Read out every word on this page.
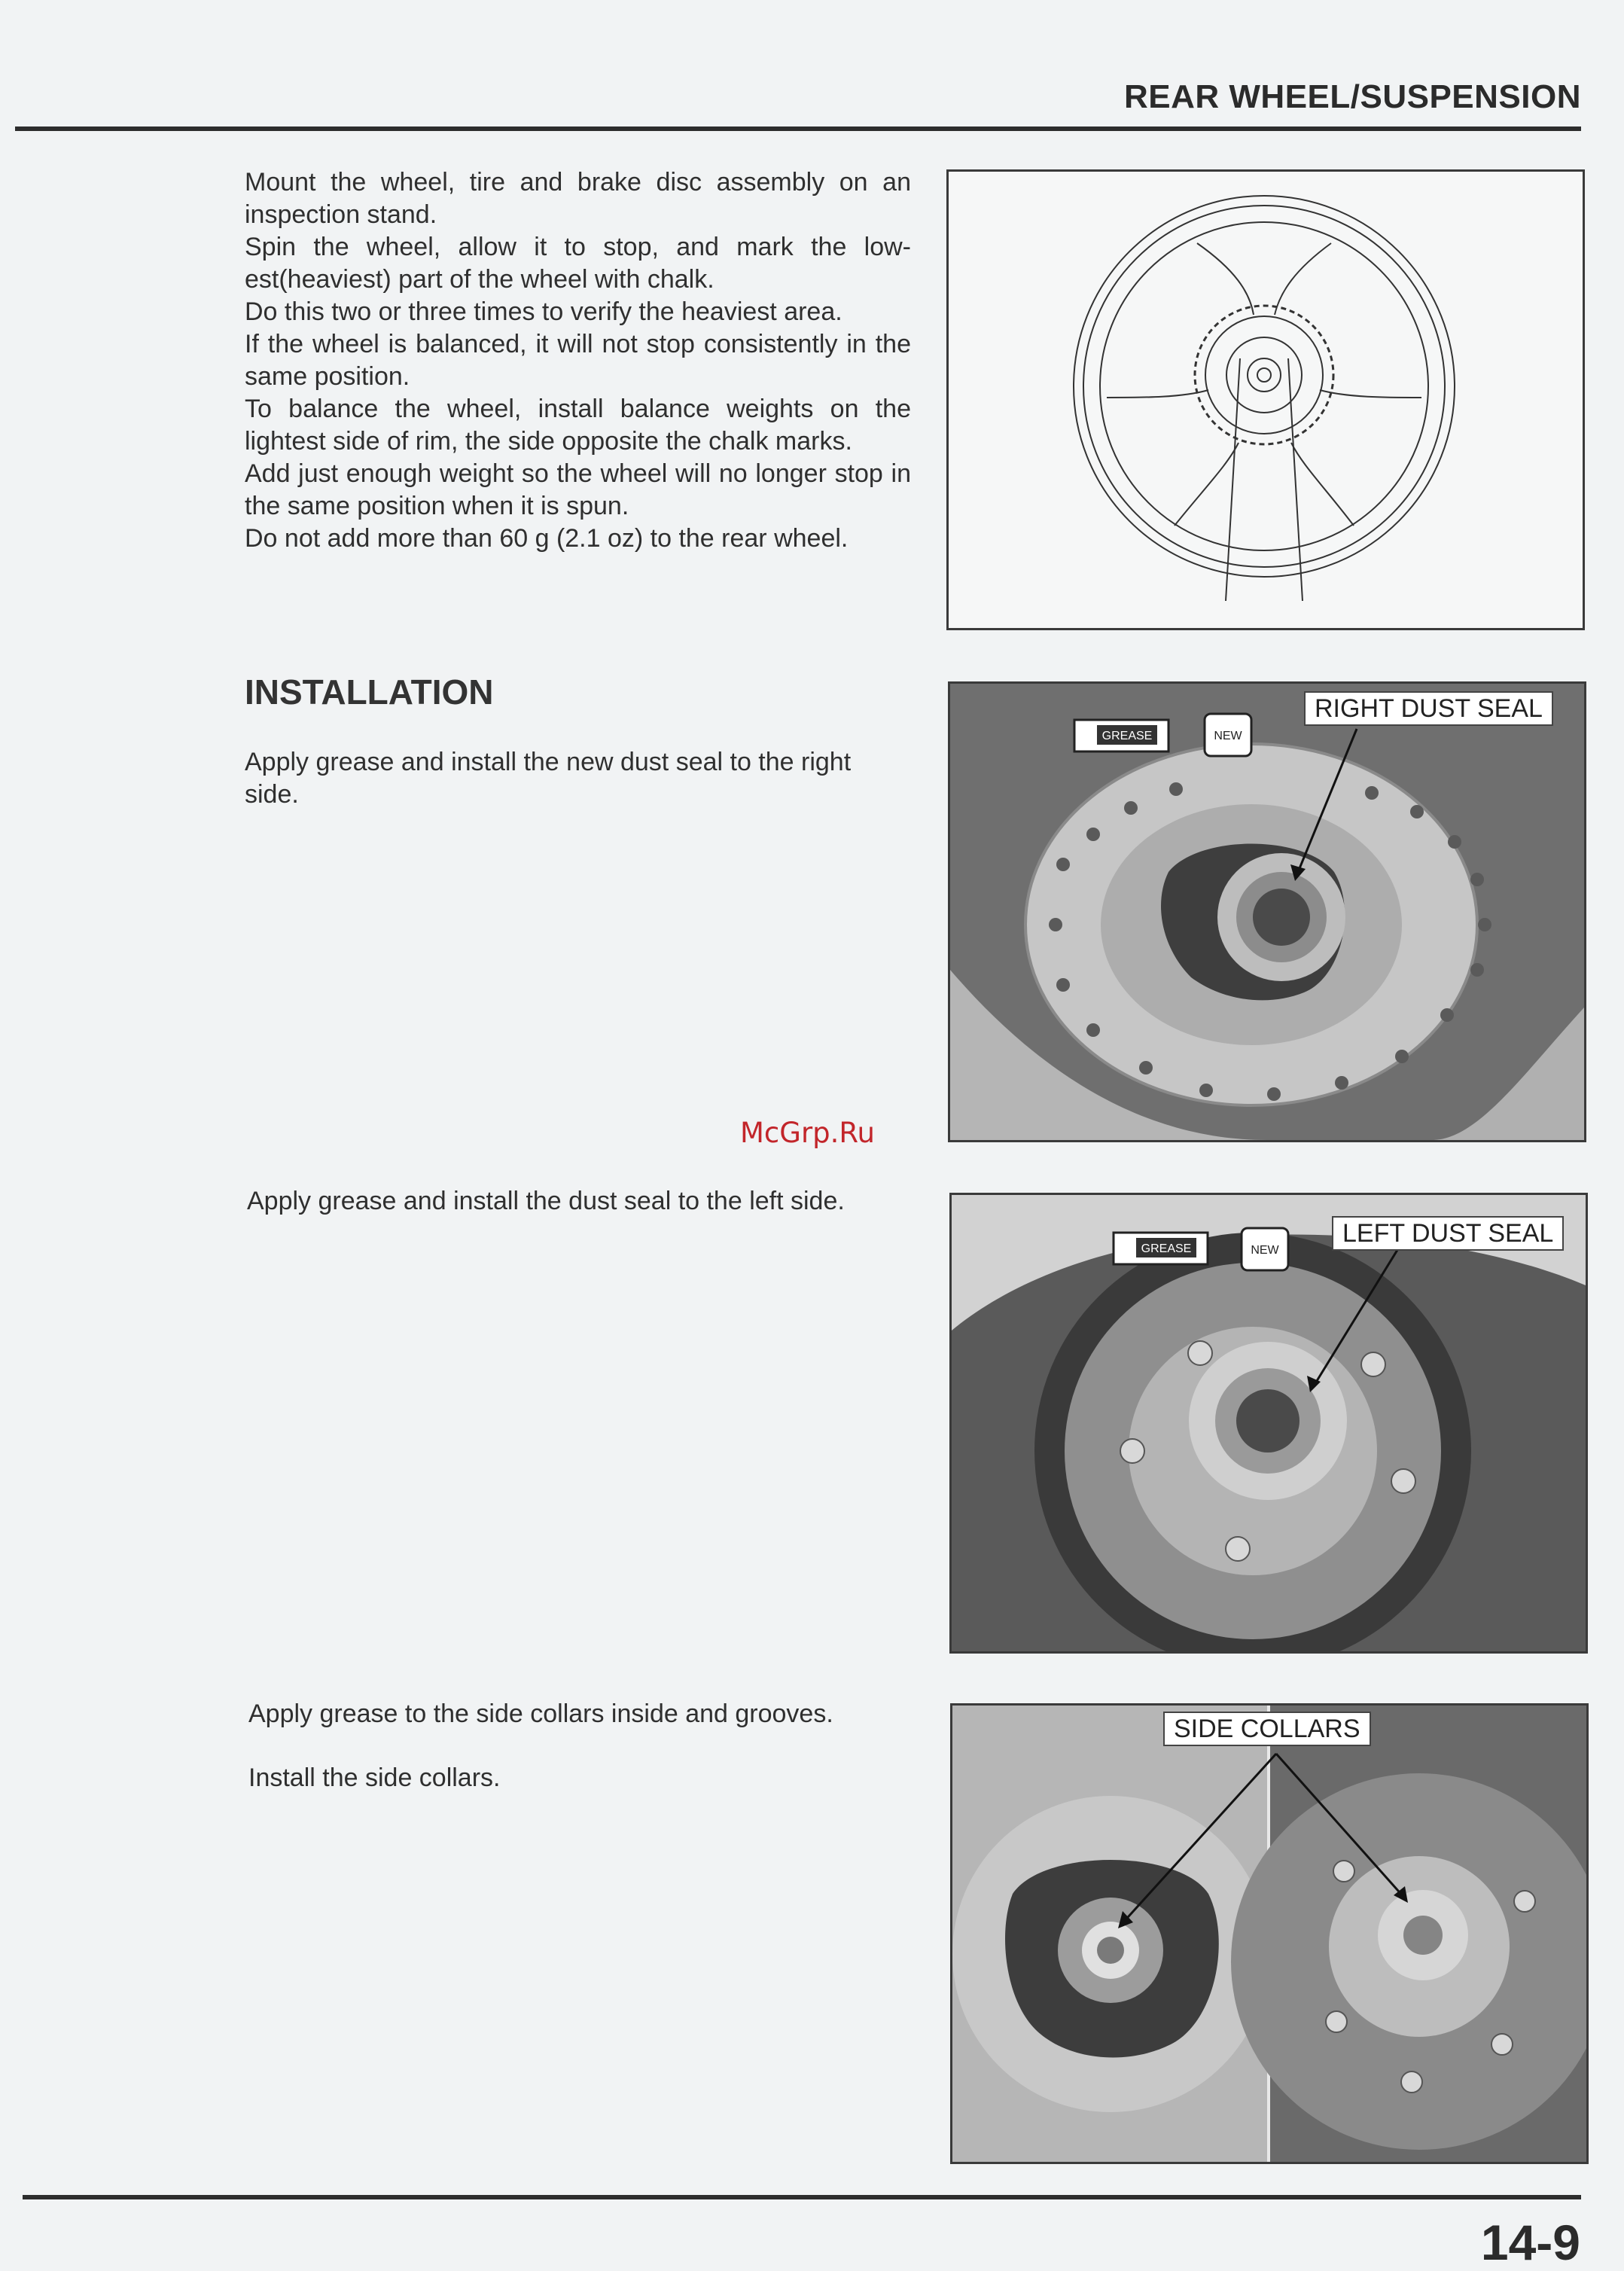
REAR WHEEL/SUSPENSION

Mount the wheel, tire and brake disc assembly on an inspection stand.

Spin the wheel, allow it to stop, and mark the low-est(heaviest) part of the wheel with chalk.

Do this two or three times to verify the heaviest area.

If the wheel is balanced, it will not stop consistently in the same position.

To balance the wheel, install balance weights on the lightest side of rim, the side opposite the chalk marks.

Add just enough weight so the wheel will no longer stop in the same position when it is spun.

Do not add more than 60 g (2.1 oz) to the rear wheel.

INSTALLATION
Apply grease and install the new dust seal to the right side.
GREASE	NEW
RIGHT DUST SEAL
McGrp.Ru
Apply grease and install the dust seal to the left side.
GREASE	NEW
LEFT DUST SEAL
Apply grease to the side collars inside and grooves.
Install the side collars.
SIDE COLLARS
14-9
